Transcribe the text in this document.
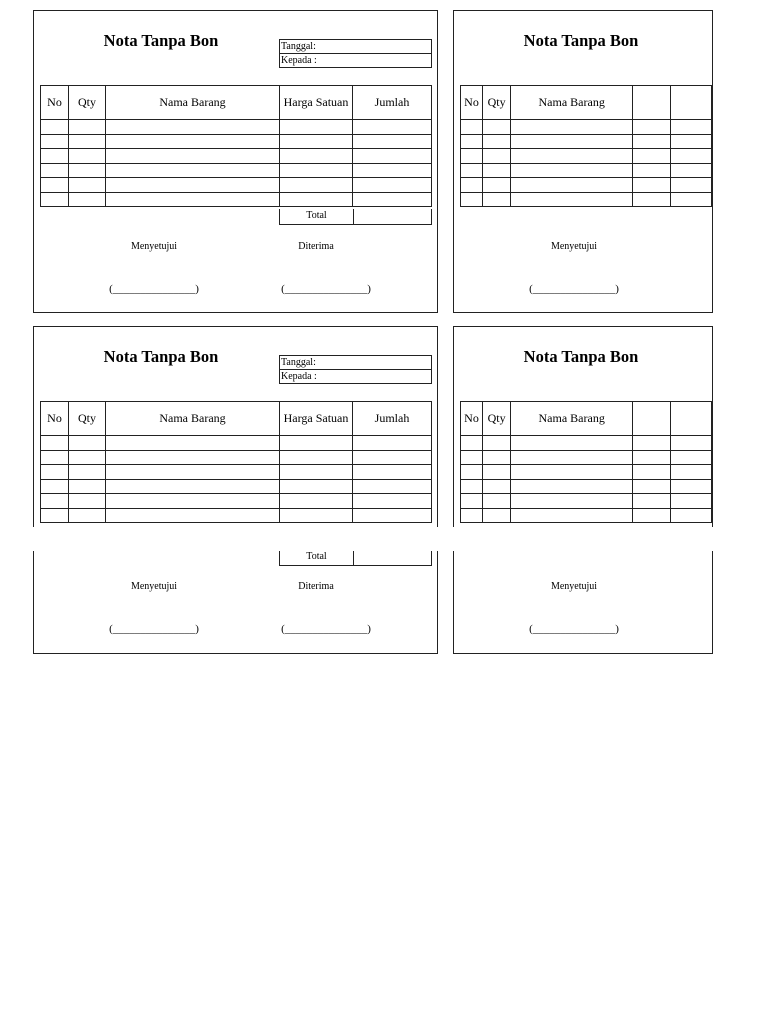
Nota Tanpa Bon	Tanggal:
Kepada :
No	Qty	Nama Barang	Harga Satuan	Jumlah

Total
Menyetujui	Diterima
(_______________)	(_______________)
Nota Tanpa Bon
No	Qty	Nama Barang		

Menyetujui
(_______________)
Nota Tanpa Bon	Tanggal:
Kepada :
No	Qty	Nama Barang	Harga Satuan	Jumlah

Total
Menyetujui	Diterima
(_______________)	(_______________)
Nota Tanpa Bon
No	Qty	Nama Barang		

Menyetujui
(_______________)
